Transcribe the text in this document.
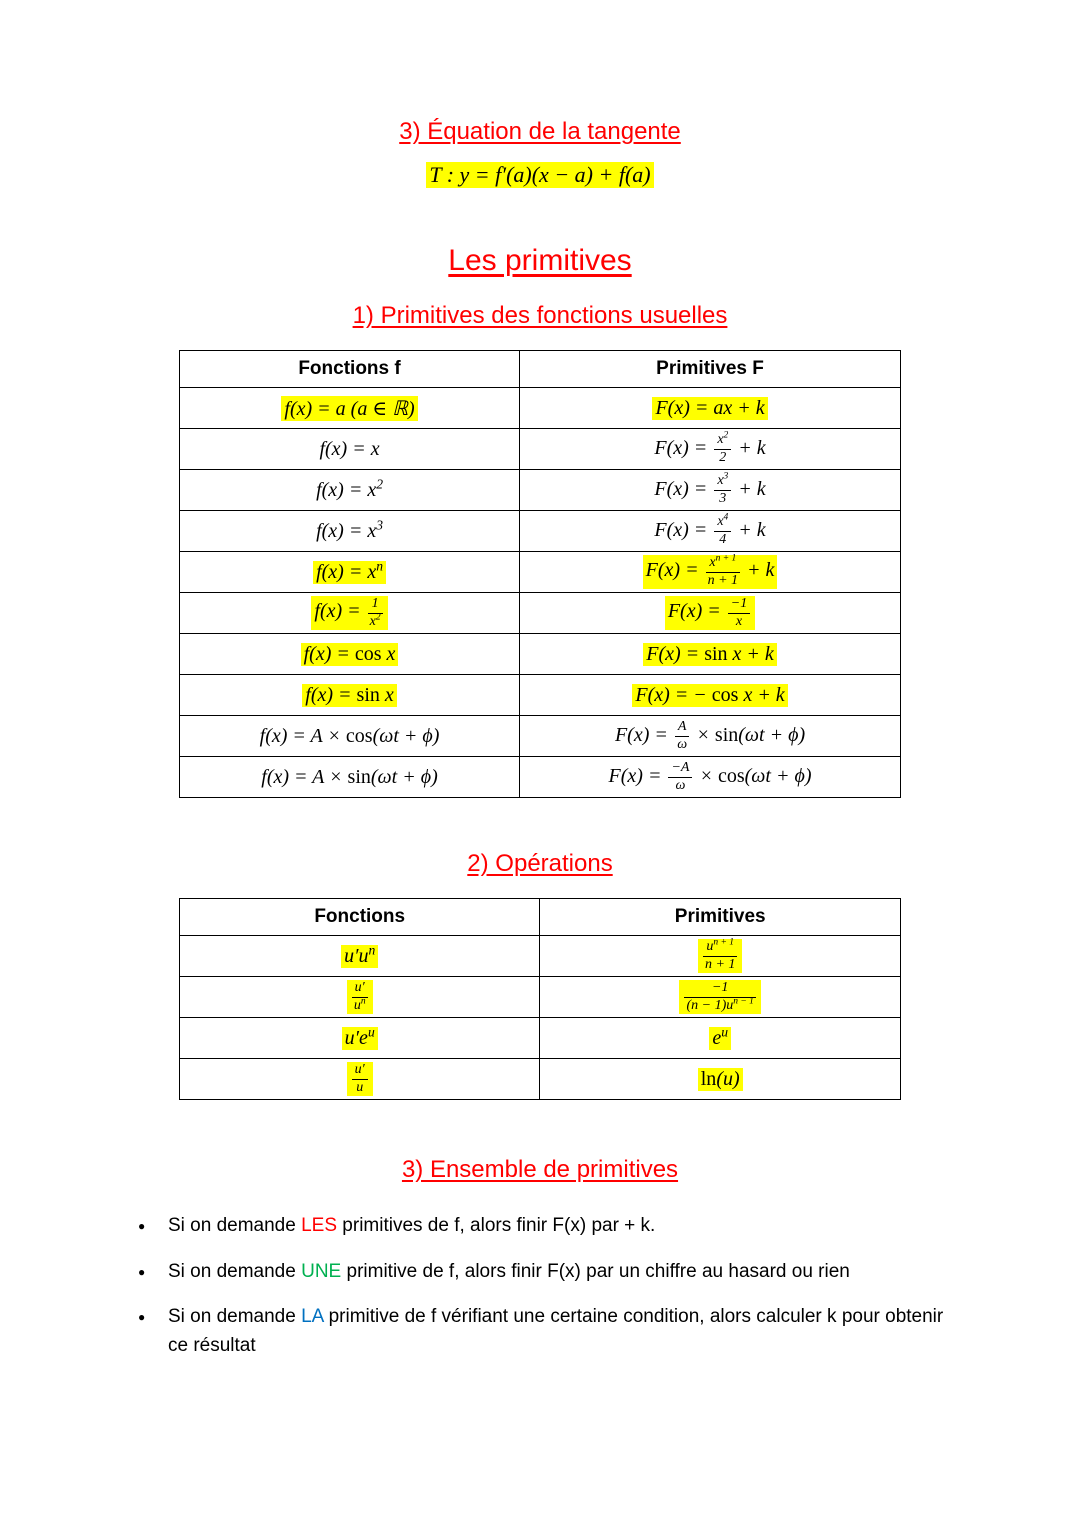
3) Équation de la tangente
T : y = f′(a)(x − a) + f(a)
Les primitives
1) Primitives des fonctions usuelles
Fonctions f	Primitives F
f(x) = a (a ∈ ℝ)	F(x) = ax + k
f(x) = x	$F(x) = \frac{x^2}{2} + k$
$f(x) = x^2$	$F(x) = \frac{x^3}{3} + k$
$f(x) = x^3$	$F(x) = \frac{x^4}{4} + k$
$f(x) = x^n$	$F(x) = \frac{x^{n + 1}}{n + 1} + k$
$f(x) = \frac{1}{x^2}$	$F(x) = \frac{-1}{x}$

f(x) = cos x	F(x) = sin x + k
f(x) = sin x	F(x) = − cos x + k
f(x) = A × cos(ωt + ϕ)	$F(x) = \frac{A}{\omega} \times \sin(\omega t + \phi)$
f(x) = A × sin(ωt + ϕ)	$F(x) = \frac{-A}{\omega} \times \cos(\omega t + \phi)$
2) Opérations
Fonctions	Primitives
$u'u^n$	$\frac{u^{n + 1}}{n + 1}$

$\frac{u'}{u^n}$	$\frac{-1}{(n - 1)u^{n - 1}}$

$u'e^u$	$e^u$

$\frac{u'}{u}$	ln(u)
3) Ensemble de primitives
●	Si on demande LES primitives de f, alors finir F(x) par + k.
●	Si on demande UNE primitive de f, alors finir F(x) par un chiffre au hasard ou rien
●	Si on demande LA primitive de f vérifiant une certaine condition, alors calculer k pour obtenir ce résultat
